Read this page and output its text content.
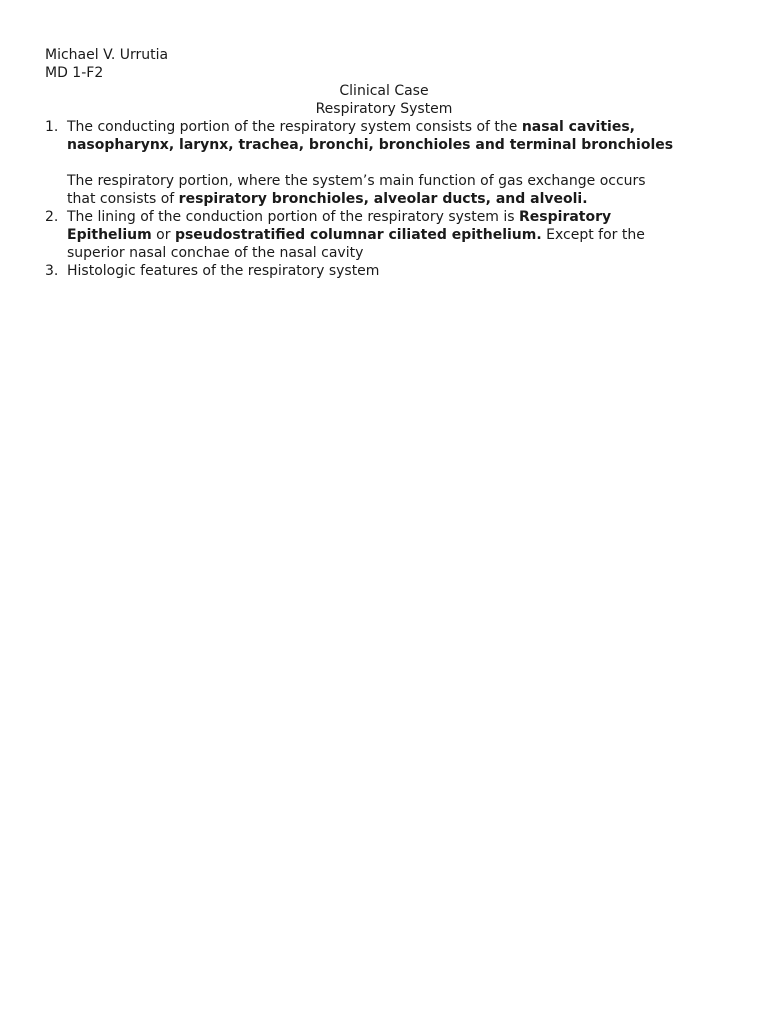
Michael V. Urrutia
MD 1-F2
Clinical Case
Respiratory System
1. The conducting portion of the respiratory system consists of the nasal cavities,
nasopharynx, larynx, trachea, bronchi, bronchioles and terminal bronchioles
The respiratory portion, where the system’s main function of gas exchange occurs
that consists of respiratory bronchioles, alveolar ducts, and alveoli.
2. The lining of the conduction portion of the respiratory system is Respiratory
Epithelium or pseudostratified columnar ciliated epithelium. Except for the
superior nasal conchae of the nasal cavity
3. Histologic features of the respiratory system
